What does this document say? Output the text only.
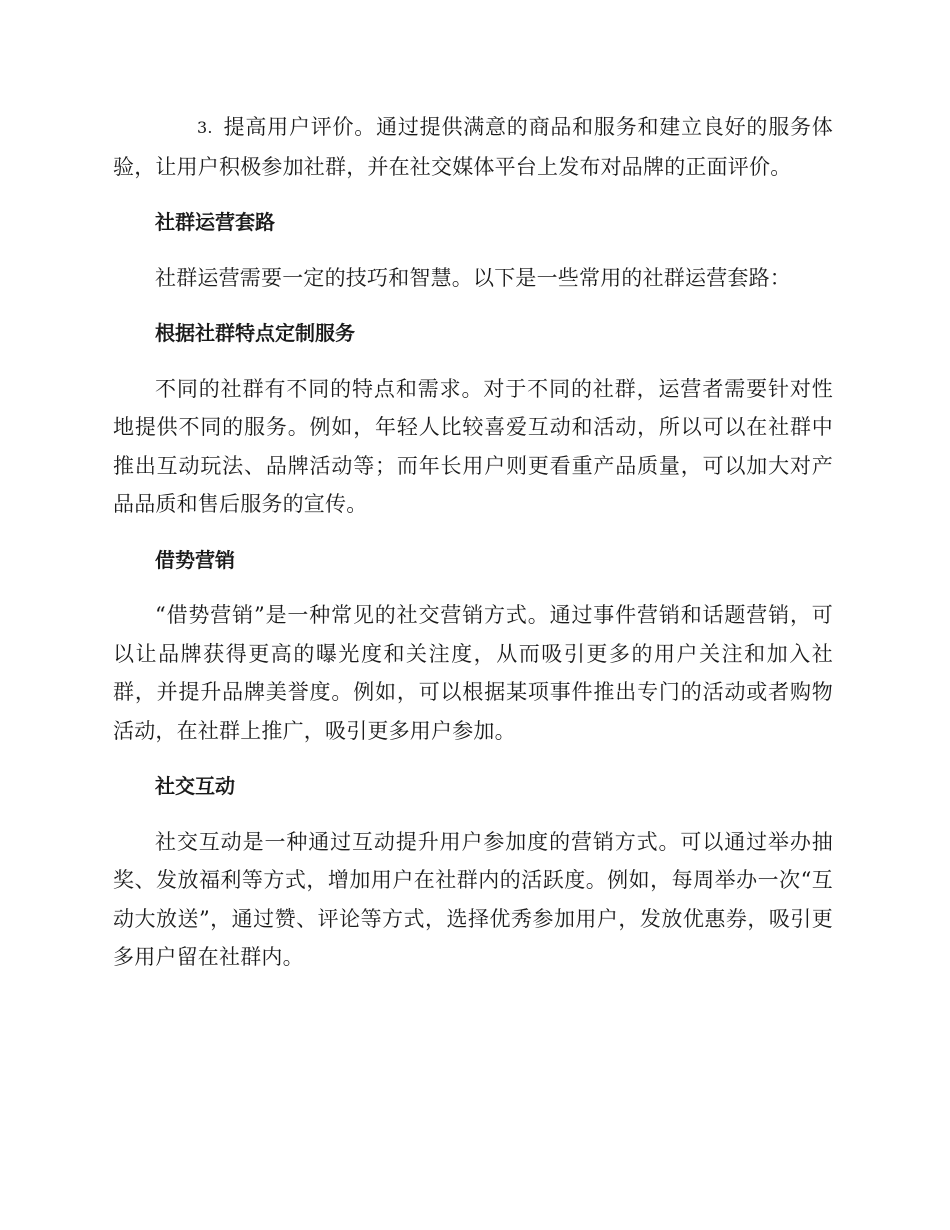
3. 提高用户评价。通过提供满意的商品和服务和建立良好的服务体验，让用户积极参加社群，并在社交媒体平台上发布对品牌的正面评价。

社群运营套路

社群运营需要一定的技巧和智慧。以下是一些常用的社群运营套路：

根据社群特点定制服务

不同的社群有不同的特点和需求。对于不同的社群，运营者需要针对性地提供不同的服务。例如，年轻人比较喜爱互动和活动，所以可以在社群中推出互动玩法、品牌活动等；而年长用户则更看重产品质量，可以加大对产品品质和售后服务的宣传。

借势营销

“借势营销”是一种常见的社交营销方式。通过事件营销和话题营销，可以让品牌获得更高的曝光度和关注度，从而吸引更多的用户关注和加入社群，并提升品牌美誉度。例如，可以根据某项事件推出专门的活动或者购物活动，在社群上推广，吸引更多用户参加。

社交互动

社交互动是一种通过互动提升用户参加度的营销方式。可以通过举办抽奖、发放福利等方式，增加用户在社群内的活跃度。例如，每周举办一次“互动大放送”，通过赞、评论等方式，选择优秀参加用户，发放优惠券，吸引更多用户留在社群内。
